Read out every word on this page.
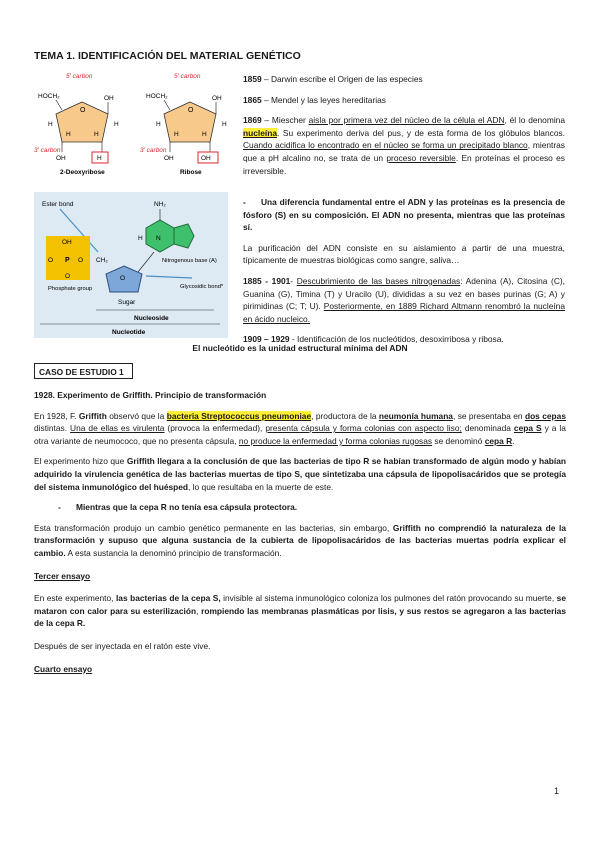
TEMA 1. IDENTIFICACIÓN DEL MATERIAL GENÉTICO
O
HOCH₂	OH
H	H
H	H
OH	H
5' carbon
3' carbon
2-Deoxyribose
O
HOCH₂	OH
H	H
H	H
OH	OH
5' carbon
3' carbon
Ribose

1859 – Darwin escribe el Origen de las especies

1865 – Mendel y las leyes hereditarias

1869 – Miescher aisla por primera vez del núcleo de la célula el ADN, él lo denomina nucleína. Su experimento deriva del pus, y de esta forma de los glóbulos blancos. Cuando acidifica lo encontrado en el núcleo se forma un precipitado blanco, mientras que a pH alcalino no, se trata de un proceso reversible. En proteínas el proceso es irreversible.

Ester bond
OH
O P O
O
Phosphate group
CH₂
O
Sugar
NH₂
H N
Nitrogenous base (A)
Glycosidic bond*
Nucleoside
Nucleotide

- Una diferencia fundamental entre el ADN y las proteínas es la presencia de fósforo (S) en su composición. El ADN no presenta, mientras que las proteínas sí.

La purificación del ADN consiste en su aislamiento a partir de una muestra, típicamente de muestras biológicas como sangre, saliva…

1885 - 1901- Descubrimiento de las bases nitrogenadas: Adenina (A), Citosina (C), Guanina (G), Timina (T) y Uracilo (U), divididas a su vez en bases purinas (G; A) y pirimidinas (C; T; U). Posteriormente, en 1889 Richard Altmann renombró la nucleína en ácido nucleico.

1909 – 1929 - Identificación de los nucleótidos, desoxirribosa y ribosa.

El nucleótido es la unidad estructural mínima del ADN
CASO DE ESTUDIO 1

1928. Experimento de Griffith. Principio de transformación

En 1928, F. Griffith observó que la bacteria Streptococcus pneumoniae, productora de la neumonía humana, se presentaba en dos cepas distintas. Una de ellas es virulenta (provoca la enfermedad), presenta cápsula y forma colonias con aspecto liso; denominada cepa S y a la otra variante de neumococo, que no presenta cápsula, no produce la enfermedad y forma colonias rugosas se denominó cepa R.

El experimento hizo que Griffith llegara a la conclusión de que las bacterias de tipo R se habían transformado de algún modo y habían adquirido la virulencia genética de las bacterias muertas de tipo S, que sintetizaba una cápsula de lipopolisacáridos que se protegía del sistema inmunológico del huésped, lo que resultaba en la muerte de este.

- Mientras que la cepa R no tenía esa cápsula protectora.

Esta transformación produjo un cambio genético permanente en las bacterias, sin embargo, Griffith no comprendió la naturaleza de la transformación y supuso que alguna sustancia de la cubierta de lipopolisacáridos de las bacterias muertas podría explicar el cambio. A esta sustancia la denominó principio de transformación.

Tercer ensayo

En este experimento, las bacterias de la cepa S, invisible al sistema inmunológico coloniza los pulmones del ratón provocando su muerte, se mataron con calor para su esterilización, rompiendo las membranas plasmáticas por lisis, y sus restos se agregaron a las bacterias de la cepa R.

Después de ser inyectada en el ratón este vive.

Cuarto ensayo

1
